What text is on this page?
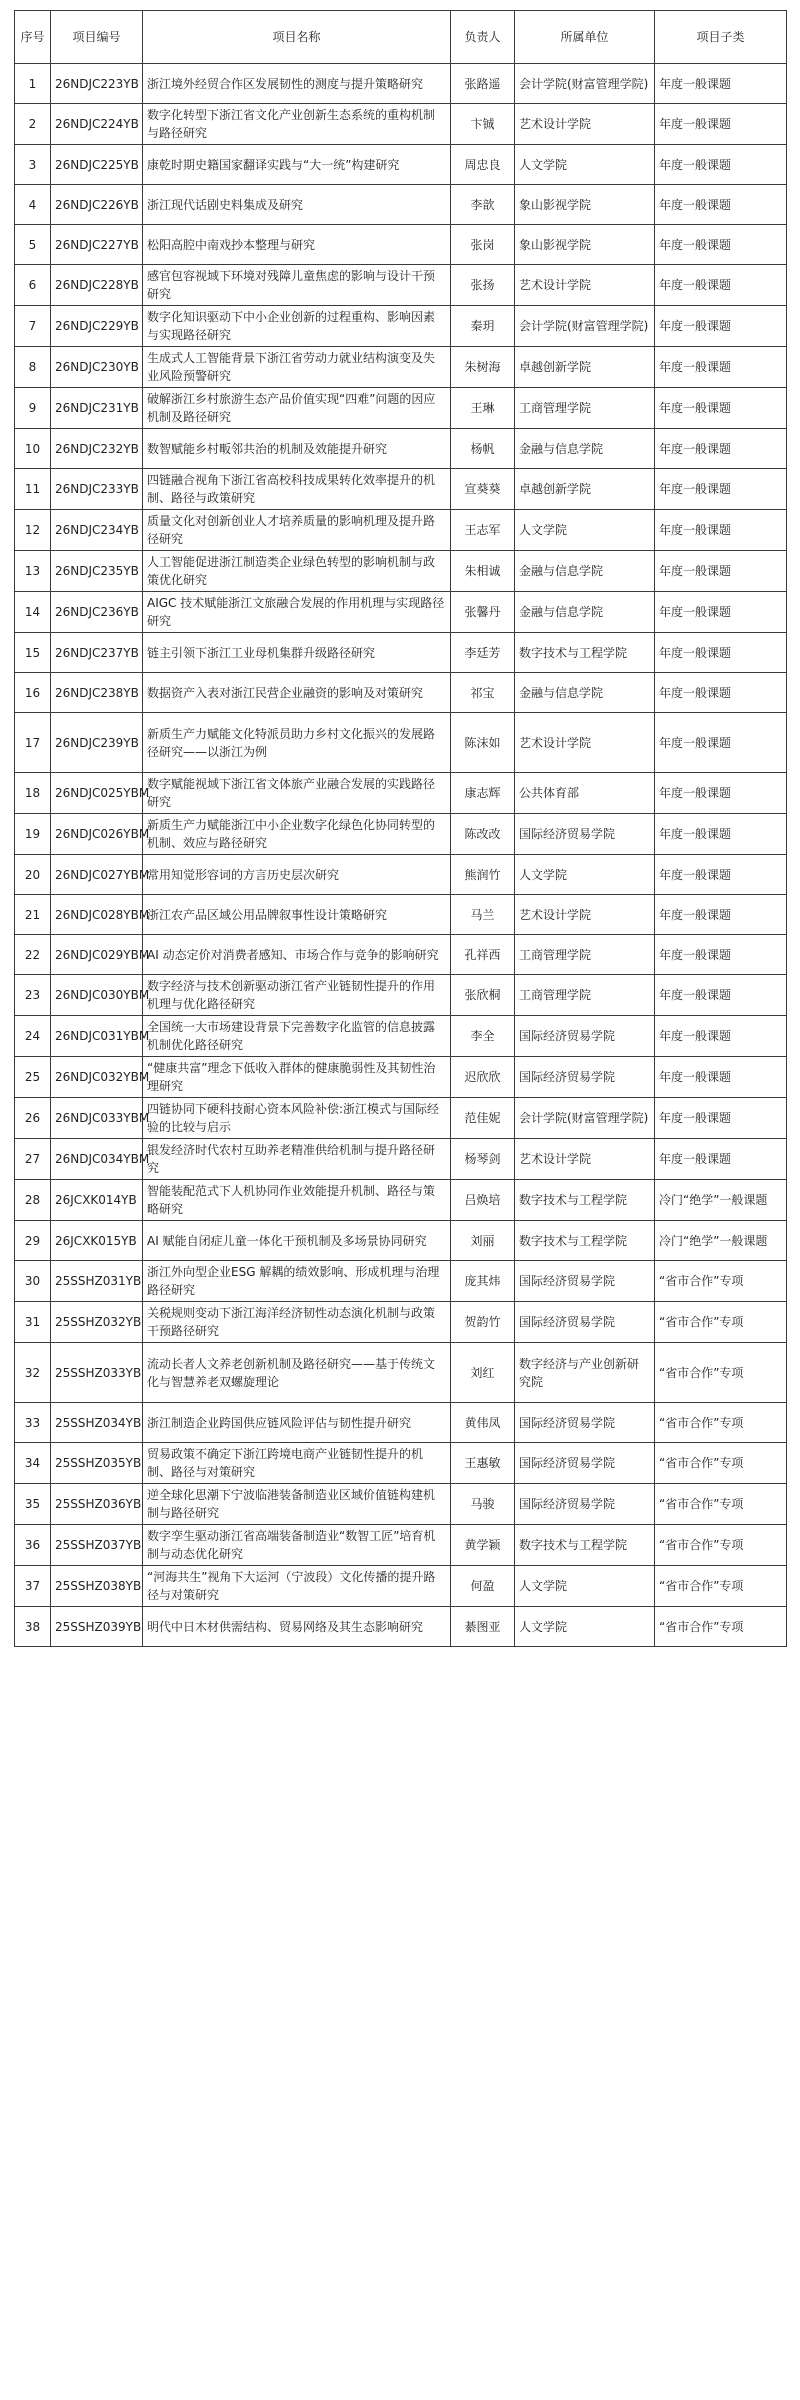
序号	项目编号	项目名称	负责人	所属单位	项目子类
1	26NDJC223YB	浙江境外经贸合作区发展韧性的测度与提升策略研究	张路遥	会计学院(财富管理学院)	年度一般课题
2	26NDJC224YB	数字化转型下浙江省文化产业创新生态系统的重构机制与路径研究	卞铖	艺术设计学院	年度一般课题
3	26NDJC225YB	康乾时期史籍国家翻译实践与“大一统”构建研究	周忠良	人文学院	年度一般课题
4	26NDJC226YB	浙江现代话剧史料集成及研究	李歆	象山影视学院	年度一般课题
5	26NDJC227YB	松阳高腔中南戏抄本整理与研究	张岗	象山影视学院	年度一般课题
6	26NDJC228YB	感官包容视域下环境对残障儿童焦虑的影响与设计干预研究	张扬	艺术设计学院	年度一般课题
7	26NDJC229YB	数字化知识驱动下中小企业创新的过程重构、影响因素与实现路径研究	秦玥	会计学院(财富管理学院)	年度一般课题
8	26NDJC230YB	生成式人工智能背景下浙江省劳动力就业结构演变及失业风险预警研究	朱树海	卓越创新学院	年度一般课题
9	26NDJC231YB	破解浙江乡村旅游生态产品价值实现“四难”问题的因应机制及路径研究	王琳	工商管理学院	年度一般课题
10	26NDJC232YB	数智赋能乡村畈邻共治的机制及效能提升研究	杨帆	金融与信息学院	年度一般课题
11	26NDJC233YB	四链融合视角下浙江省高校科技成果转化效率提升的机制、路径与政策研究	宣葵葵	卓越创新学院	年度一般课题
12	26NDJC234YB	质量文化对创新创业人才培养质量的影响机理及提升路径研究	王志军	人文学院	年度一般课题
13	26NDJC235YB	人工智能促进浙江制造类企业绿色转型的影响机制与政策优化研究	朱相诚	金融与信息学院	年度一般课题
14	26NDJC236YB	AIGC 技术赋能浙江文旅融合发展的作用机理与实现路径研究	张馨丹	金融与信息学院	年度一般课题
15	26NDJC237YB	链主引领下浙江工业母机集群升级路径研究	李廷芳	数字技术与工程学院	年度一般课题
16	26NDJC238YB	数据资产入表对浙江民营企业融资的影响及对策研究	祁宝	金融与信息学院	年度一般课题
17	26NDJC239YB	新质生产力赋能文化特派员助力乡村文化振兴的发展路径研究——以浙江为例	陈沫如	艺术设计学院	年度一般课题
18	26NDJC025YBM	数字赋能视域下浙江省文体旅产业融合发展的实践路径研究	康志辉	公共体育部	年度一般课题
19	26NDJC026YBM	新质生产力赋能浙江中小企业数字化绿色化协同转型的机制、效应与路径研究	陈改改	国际经济贸易学院	年度一般课题
20	26NDJC027YBM	常用知觉形容词的方言历史层次研究	熊润竹	人文学院	年度一般课题
21	26NDJC028YBM	浙江农产品区域公用品牌叙事性设计策略研究	马兰	艺术设计学院	年度一般课题
22	26NDJC029YBM	AI 动态定价对消费者感知、市场合作与竞争的影响研究	孔祥西	工商管理学院	年度一般课题
23	26NDJC030YBM	数字经济与技术创新驱动浙江省产业链韧性提升的作用机理与优化路径研究	张欣桐	工商管理学院	年度一般课题
24	26NDJC031YBM	全国统一大市场建设背景下完善数字化监管的信息披露机制优化路径研究	李全	国际经济贸易学院	年度一般课题
25	26NDJC032YBM	“健康共富”理念下低收入群体的健康脆弱性及其韧性治理研究	迟欣欣	国际经济贸易学院	年度一般课题
26	26NDJC033YBM	四链协同下硬科技耐心资本风险补偿:浙江模式与国际经验的比较与启示	范佳妮	会计学院(财富管理学院)	年度一般课题
27	26NDJC034YBM	银发经济时代农村互助养老精准供给机制与提升路径研究	杨琴剑	艺术设计学院	年度一般课题
28	26JCXK014YB	智能装配范式下人机协同作业效能提升机制、路径与策略研究	吕焕培	数字技术与工程学院	冷门“绝学”一般课题
29	26JCXK015YB	AI 赋能自闭症儿童一体化干预机制及多场景协同研究	刘丽	数字技术与工程学院	冷门“绝学”一般课题
30	25SSHZ031YB	浙江外向型企业ESG 解耦的绩效影响、形成机理与治理路径研究	庞其炜	国际经济贸易学院	“省市合作”专项
31	25SSHZ032YB	关税规则变动下浙江海洋经济韧性动态演化机制与政策干预路径研究	贺韵竹	国际经济贸易学院	“省市合作”专项
32	25SSHZ033YB	流动长者人文养老创新机制及路径研究——基于传统文化与智慧养老双螺旋理论	刘红	数字经济与产业创新研究院	“省市合作”专项
33	25SSHZ034YB	浙江制造企业跨国供应链风险评估与韧性提升研究	黄伟凤	国际经济贸易学院	“省市合作”专项
34	25SSHZ035YB	贸易政策不确定下浙江跨境电商产业链韧性提升的机制、路径与对策研究	王惠敏	国际经济贸易学院	“省市合作”专项
35	25SSHZ036YB	逆全球化思潮下宁波临港装备制造业区域价值链构建机制与路径研究	马骏	国际经济贸易学院	“省市合作”专项
36	25SSHZ037YB	数字孪生驱动浙江省高端装备制造业“数智工匠”培育机制与动态优化研究	黄学颖	数字技术与工程学院	“省市合作”专项
37	25SSHZ038YB	“河海共生”视角下大运河（宁波段）文化传播的提升路径与对策研究	何盈	人文学院	“省市合作”专项
38	25SSHZ039YB	明代中日木材供需结构、贸易网络及其生态影响研究	綦图亚	人文学院	“省市合作”专项
